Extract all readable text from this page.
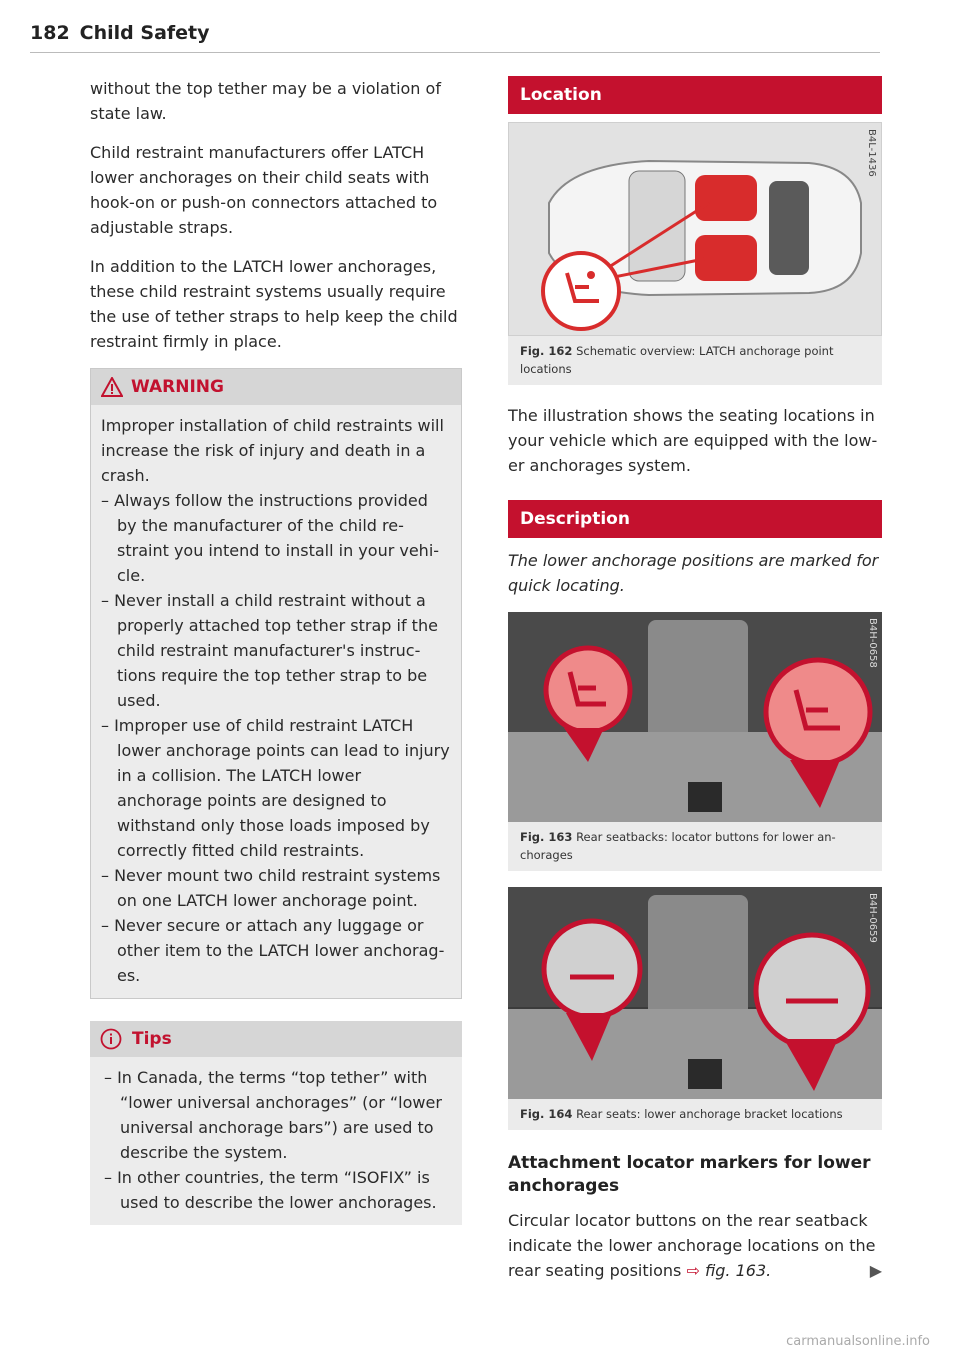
182 Child Safety

without the top tether may be a violation of state law.

Child restraint manufacturers offer LATCH lower anchorages on their child seats with hook-on or push-on connectors attached to adjustable straps.

In addition to the LATCH lower anchorages, these child restraint systems usually require the use of tether straps to help keep the child restraint firmly in place.

WARNING
Improper installation of child restraints will increase the risk of injury and death in a crash.
– Always follow the instructions provided by the manufacturer of the child re-straint you intend to install in your vehi-cle.
– Never install a child restraint without a properly attached top tether strap if the child restraint manufacturer's instruc-tions require the top tether strap to be used.
– Improper use of child restraint LATCH lower anchorage points can lead to injury in a collision. The LATCH lower anchorage points are designed to withstand only those loads imposed by correctly fitted child restraints.
– Never mount two child restraint systems on one LATCH lower anchorage point.
– Never secure or attach any luggage or other item to the LATCH lower anchorag-es.
Tips
– In Canada, the terms “top tether” with “lower universal anchorages” (or “lower universal anchorage bars”) are used to describe the system.
– In other countries, the term “ISOFIX” is used to describe the lower anchorages.
Location
B4L-1436
Fig. 162 Schematic overview: LATCH anchorage point locations

The illustration shows the seating locations in your vehicle which are equipped with the low-er anchorages system.

Description
The lower anchorage positions are marked for quick locating.
B4H-0658
Fig. 163 Rear seatbacks: locator buttons for lower an-chorages
B4H-0659
Fig. 164 Rear seats: lower anchorage bracket locations
Attachment locator markers for lower anchorages

Circular locator buttons on the rear seatback indicate the lower anchorage locations on the rear seating positions ⇨ fig. 163.	▶

carmanualsonline.info
